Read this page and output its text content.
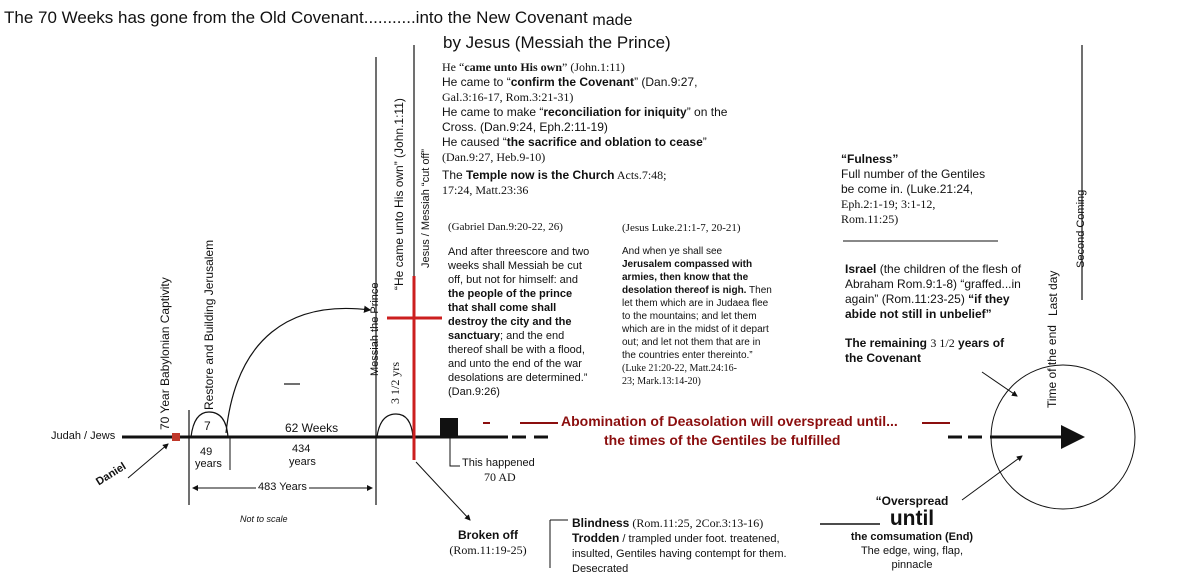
The 70 Weeks has gone from the Old Covenant...........into the New Covenant made
by Jesus (Messiah the Prince)
He “came unto His own” (John.1:11)
He came to “confirm the Covenant” (Dan.9:27,
Gal.3:16-17, Rom.3:21-31)
He came to make “reconciliation for iniquity” on the
Cross. (Dan.9:24, Eph.2:11-19)
He caused “the sacrifice and oblation to cease”
(Dan.9:27, Heb.9-10)
The Temple now is the Church Acts.7:48;
17:24, Matt.23:36
(Gabriel Dan.9:20-22, 26)
And after threescore and two
weeks shall Messiah be cut
off, but not for himself: and
the people of the prince
that shall come shall
destroy the city and the
sanctuary; and the end
thereof shall be with a flood,
and unto the end of the war
desolations are determined.”
(Dan.9:26)
(Jesus Luke.21:1-7, 20-21)
And when ye shall see
Jerusalem compassed with
armies, then know that the
desolation thereof is nigh. Then
let them which are in Judaea flee
to the mountains; and let them
which are in the midst of it depart
out; and let not them that are in
the countries enter thereinto.”
(Luke 21:20-22, Matt.24:16-
23; Mark.13:14-20)
“Fulness”
Full number of the Gentiles
be come in. (Luke.21:24,
Eph.2:1-19; 3:1-12,
Rom.11:25)
Israel (the children of the flesh of
Abraham Rom.9:1-8) “graffed...in
again” (Rom.11:23-25) “if they
abide not still in unbelief”
The remaining 3 1/2 years of
the Covenant
70 Year Babylonian Captivity	Restore and Building Jerusalem	Messiah the Prince
“He came unto His own” (John.1:11) Jesus / Messiah “cut off”
3 1/2 yrs	Time of the end
Last day
Second Coming
Judah / Jews
7
49
years
62 Weeks
434
years
483 Years
Daniel
Not to scale
This happened
70 AD
Abomination of Deasolation will overspread until...
the times of the Gentiles be fulfilled
Broken off
(Rom.11:19-25)
Blindness (Rom.11:25, 2Cor.3:13-16)
Trodden / trampled under foot. treatened,
insulted, Gentiles having contempt for them.
Desecrated
“Overspread
until
the comsumation (End)
The edge, wing, flap, pinnacle
